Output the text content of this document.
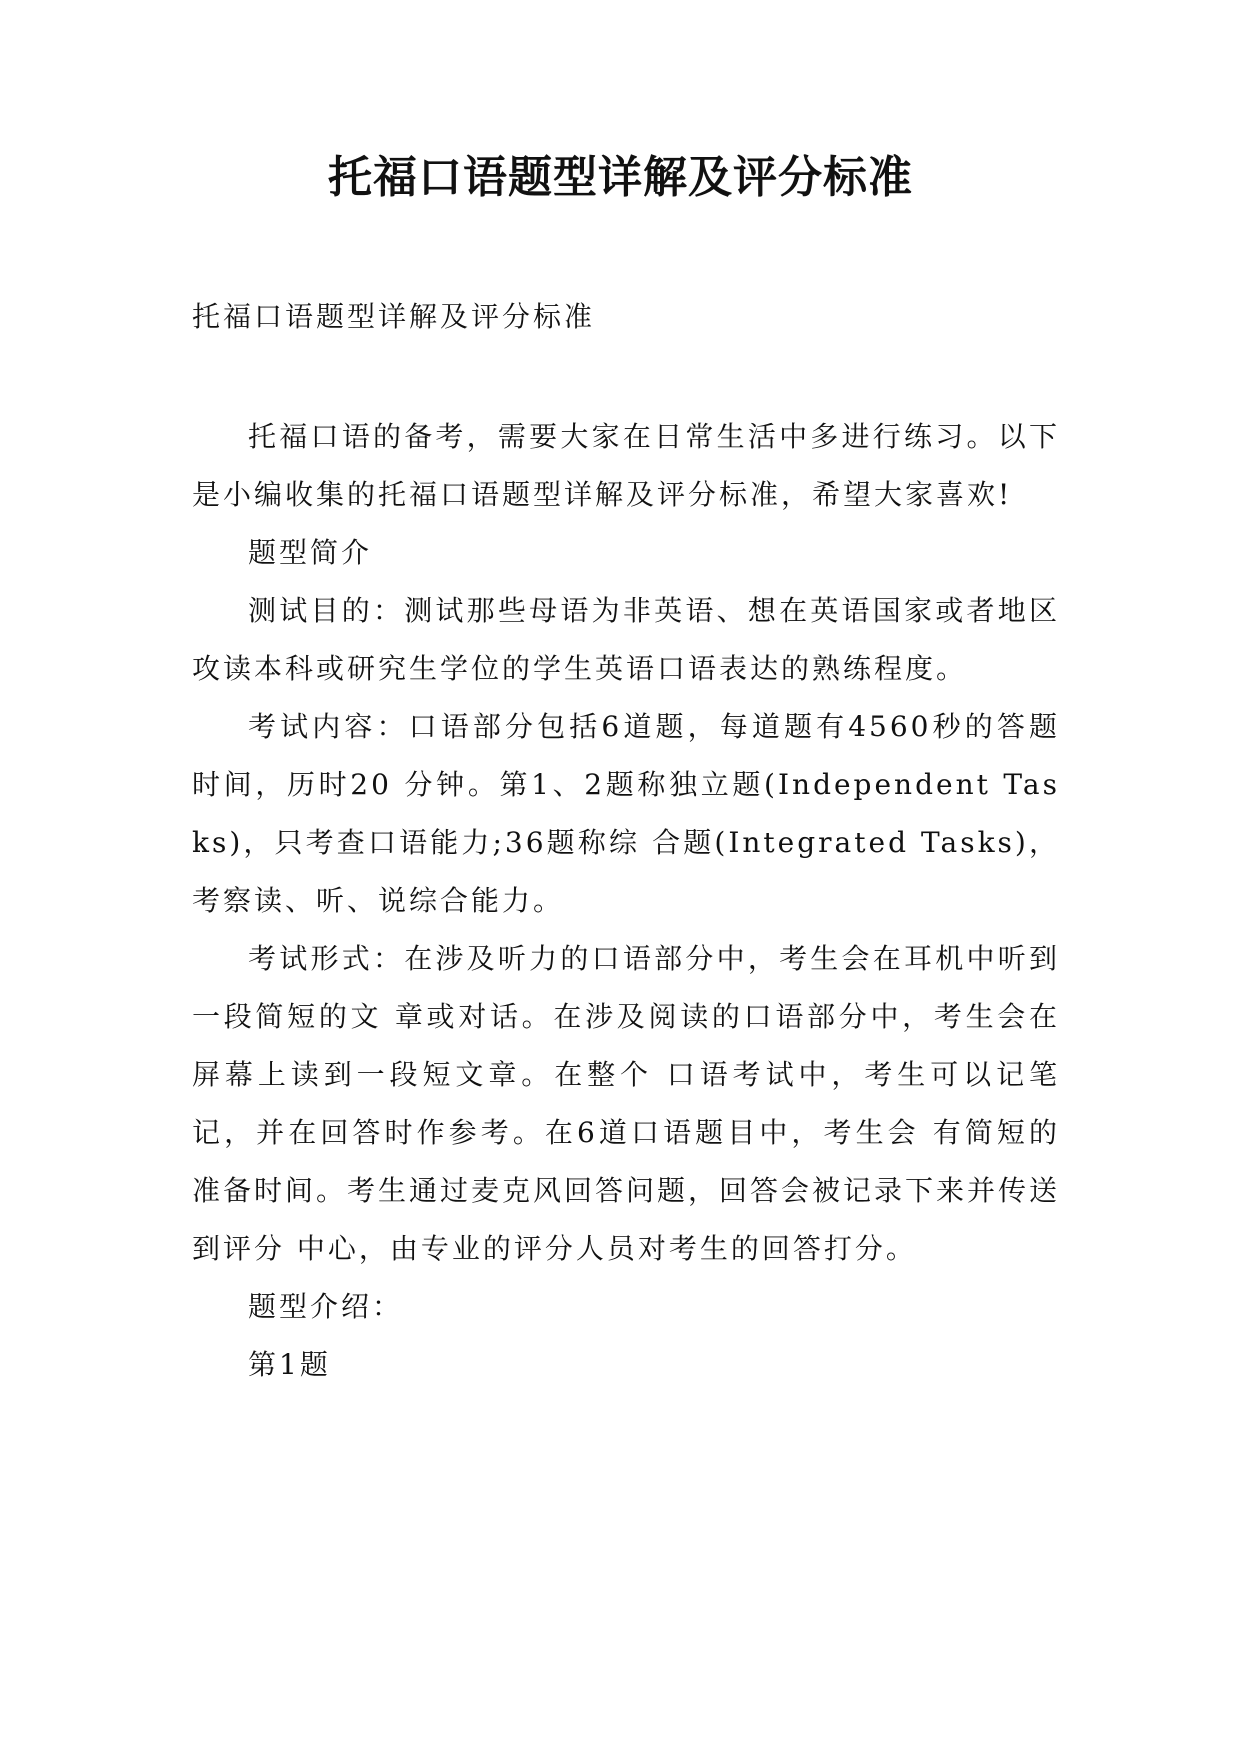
托福口语题型详解及评分标准

托福口语题型详解及评分标准

托福口语的备考，需要大家在日常生活中多进行练习。以下是小编收集的托福口语题型详解及评分标准，希望大家喜欢!

题型简介

测试目的：测试那些母语为非英语、想在英语国家或者地区攻读本科或研究生学位的学生英语口语表达的熟练程度。

考试内容：口语部分包括6道题，每道题有4560秒的答题时间，历时20 分钟。第1、2题称独立题(Independent Tasks)，只考查口语能力;36题称综 合题(Integrated Tasks)，考察读、听、说综合能力。

考试形式：在涉及听力的口语部分中，考生会在耳机中听到一段简短的文 章或对话。在涉及阅读的口语部分中，考生会在屏幕上读到一段短文章。在整个 口语考试中，考生可以记笔记，并在回答时作参考。在6道口语题目中，考生会 有简短的准备时间。考生通过麦克风回答问题，回答会被记录下来并传送到评分 中心，由专业的评分人员对考生的回答打分。

题型介绍：

第1题
